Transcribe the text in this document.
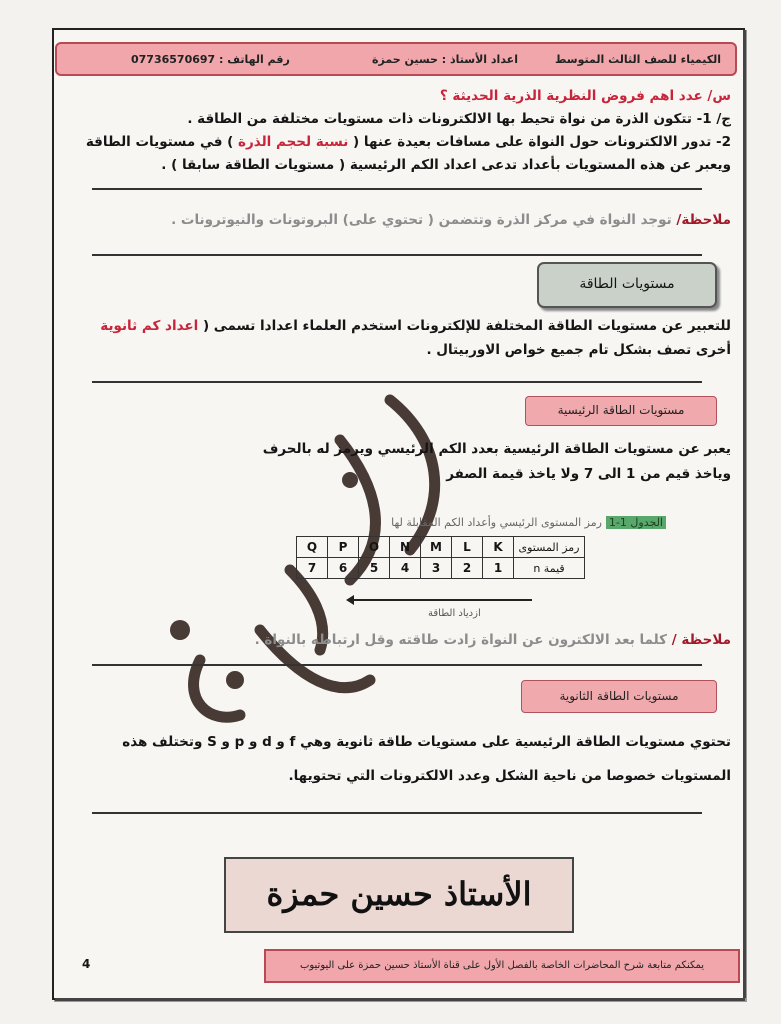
الكيمياء للصف الثالث المتوسط
اعداد الأستاذ : حسين حمزة
رقم الهاتف : 07736570697
س/ عدد اهم فروض النظرية الذرية الحديثة ؟
ج/ 1- تتكون الذرة من نواة تحيط بها الالكترونات ذات مستويات مختلفة من الطاقة .
2- تدور الالكترونات حول النواة على مسافات بعيدة عنها ( نسبة لحجم الذرة ) في مستويات الطاقة
ويعبر عن هذه المستويات بأعداد تدعى اعداد الكم الرئيسية ( مستويات الطاقة سابقا ) .
ملاحظة/ توجد النواة في مركز الذرة وتتضمن ( تحتوي على) البروتونات والنيوترونات .
مستويات الطاقة
للتعبير عن مستويات الطاقة المختلفة للإلكترونات استخدم العلماء اعدادا تسمى ( اعداد كم ثانوية
أخرى تصف بشكل تام جميع خواص الاوربيتال .
مستويات الطاقة الرئيسية
يعبر عن مستويات الطاقة الرئيسية بعدد الكم الرئيسي ويرمز له بالحرف
وياخذ قيم من 1 الى 7 ولا ياخذ قيمة الصفر
الجدول 1-1رمز المستوى الرئيسي وأعداد الكم المقابلة لها
رمز المستوى	K	L	M	N	O	P	Q
قيمة n	1	2	3	4	5	6	7
ازدياد الطاقة
ملاحظة / كلما بعد الالكترون عن النواة زادت طاقته وقل ارتباطه بالنواة .
مستويات الطاقة الثانوية
تحتوي مستويات الطاقة الرئيسية على مستويات طاقة ثانوية وهي f و d و p و S وتختلف هذه
المستويات خصوصا من ناحية الشكل وعدد الالكترونات التي تحتويها.
الأستاذ حسين حمزة
4	يمكنكم متابعة شرح المحاضرات الخاصة بالفصل الأول على قناة الأستاذ حسين حمزة على اليوتيوب
